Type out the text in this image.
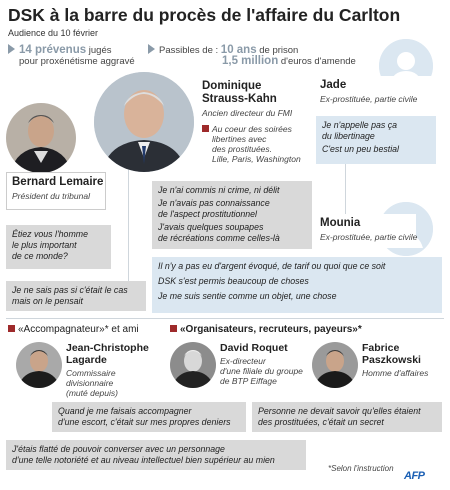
DSK à la barre du procès de l'affaire du Carlton
Audience du 10 février
14 prévenus jugés
pour proxénétisme aggravé
Passibles de : 10 ans de prison
1,5 million d'euros d'amende
Dominique
Strauss-Kahn
Ancien directeur du FMI
Au coeur des soirées
libertines avec
des prostituées.
Lille, Paris, Washington
Bernard Lemaire
Président du tribunal
Étiez vous l'homme
le plus important
de ce monde?
Je ne sais pas si c'était le cas
mais on le pensait
Je n'ai commis ni crime, ni délit
Je n'avais pas connaissance
de l'aspect prostitutionnel
J'avais quelques soupapes
de récréations comme celles-là
Jade
Ex-prostituée, partie civile
Je n'appelle pas ça
du libertinage
C'est un peu bestial
Mounia
Ex-prostituée, partie civile
Il n'y a pas eu d'argent évoqué, de tarif ou quoi que ce soit
DSK s'est permis beaucoup de choses
Je me suis sentie comme un objet, une chose
«Accompagnateur»* et ami	«Organisateurs, recruteurs, payeurs»*
Jean-Christophe
Lagarde
Commissaire
divisionnaire
(muté depuis)
David Roquet
Ex-directeur
d'une filiale du groupe
de BTP Eiffage
Fabrice
Paszkowski
Homme d'affaires
Quand je me faisais accompagner
d'une escort, c'était sur mes propres deniers
Personne ne devait savoir qu'elles étaient
des prostituées, c'était un secret
J'étais flatté de pouvoir converser avec un personnage
d'une telle notoriété et au niveau intellectuel bien supérieur au mien
*Selon l'instruction
AFP
